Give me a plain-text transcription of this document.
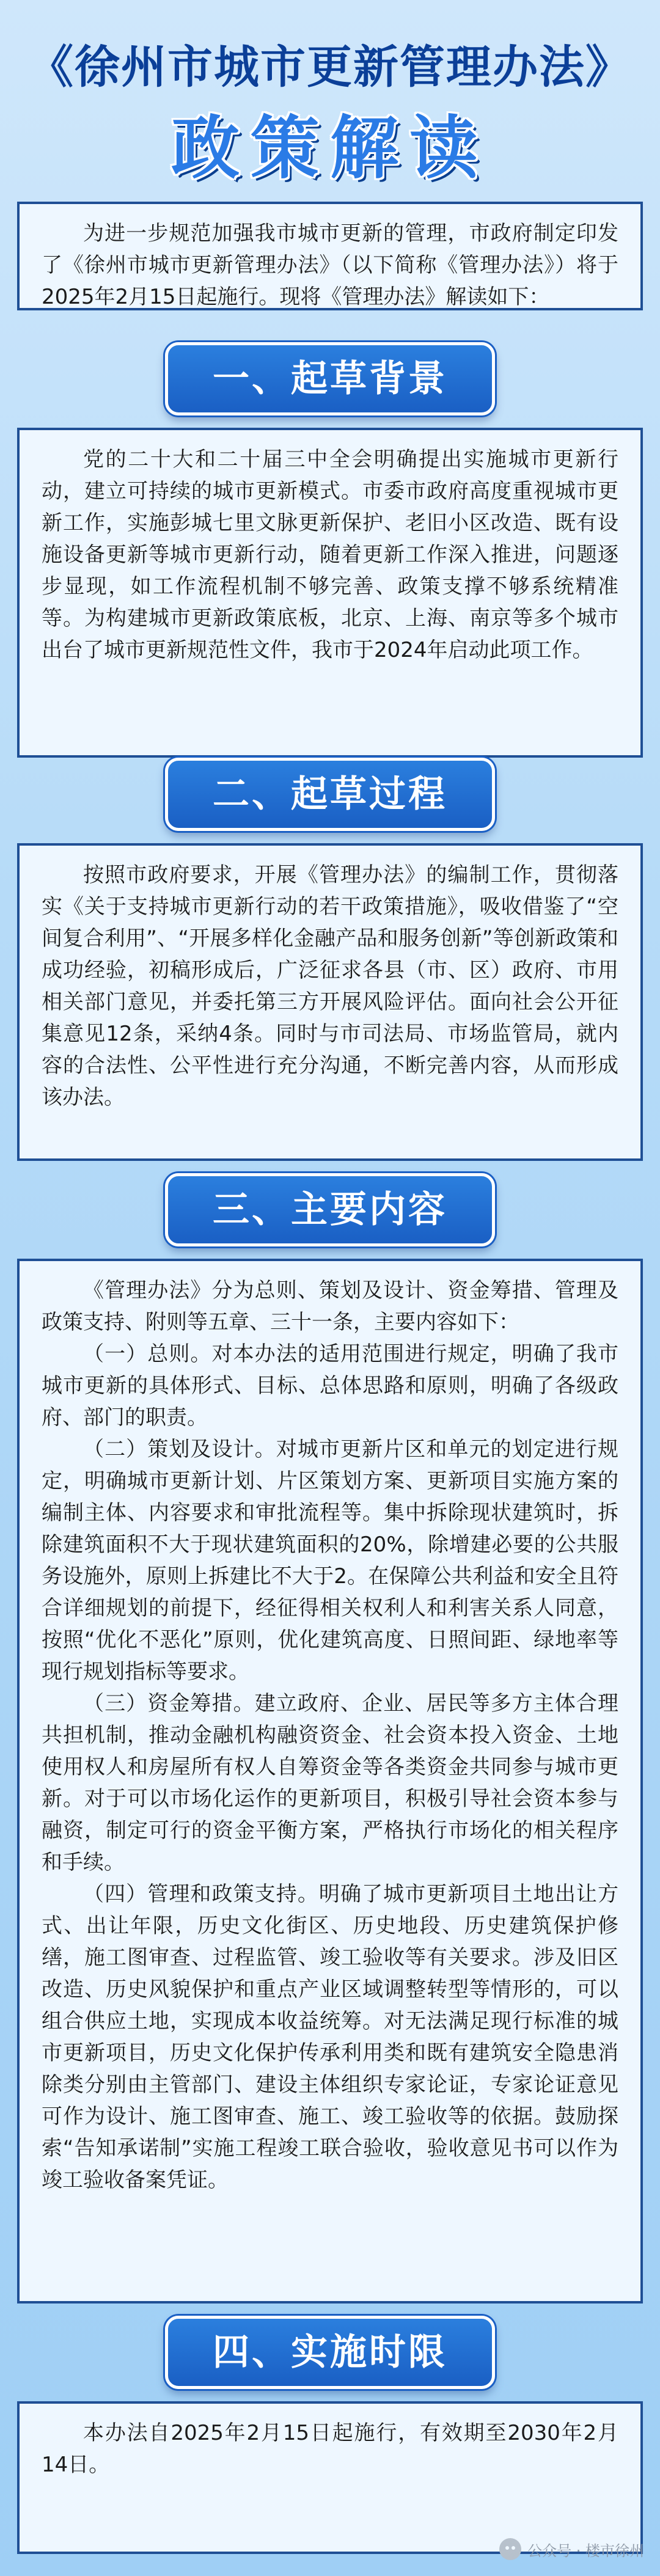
《徐州市城市更新管理办法》
政策解读

为进一步规范加强我市城市更新的管理，市政府制定印发了《徐州市城市更新管理办法》（以下简称《管理办法》）将于2025年2月15日起施行。现将《管理办法》解读如下：

一、起草背景

党的二十大和二十届三中全会明确提出实施城市更新行动，建立可持续的城市更新模式。市委市政府高度重视城市更新工作，实施彭城七里文脉更新保护、老旧小区改造、既有设施设备更新等城市更新行动，随着更新工作深入推进，问题逐步显现，如工作流程机制不够完善、政策支撑不够系统精准等。为构建城市更新政策底板，北京、上海、南京等多个城市出台了城市更新规范性文件，我市于2024年启动此项工作。

二、起草过程

按照市政府要求，开展《管理办法》的编制工作，贯彻落实《关于支持城市更新行动的若干政策措施》，吸收借鉴了“空间复合利用”、“开展多样化金融产品和服务创新”等创新政策和成功经验，初稿形成后，广泛征求各县（市、区）政府、市用相关部门意见，并委托第三方开展风险评估。面向社会公开征集意见12条，采纳4条。同时与市司法局、市场监管局，就内容的合法性、公平性进行充分沟通，不断完善内容，从而形成该办法。

三、主要内容

《管理办法》分为总则、策划及设计、资金筹措、管理及政策支持、附则等五章、三十一条，主要内容如下：

（一）总则。对本办法的适用范围进行规定，明确了我市城市更新的具体形式、目标、总体思路和原则，明确了各级政府、部门的职责。

（二）策划及设计。对城市更新片区和单元的划定进行规定，明确城市更新计划、片区策划方案、更新项目实施方案的编制主体、内容要求和审批流程等。集中拆除现状建筑时，拆除建筑面积不大于现状建筑面积的20%，除增建必要的公共服务设施外，原则上拆建比不大于2。在保障公共利益和安全且符合详细规划的前提下，经征得相关权利人和利害关系人同意，按照“优化不恶化”原则，优化建筑高度、日照间距、绿地率等现行规划指标等要求。

（三）资金筹措。建立政府、企业、居民等多方主体合理共担机制，推动金融机构融资资金、社会资本投入资金、土地使用权人和房屋所有权人自筹资金等各类资金共同参与城市更新。对于可以市场化运作的更新项目，积极引导社会资本参与融资，制定可行的资金平衡方案，严格执行市场化的相关程序和手续。

（四）管理和政策支持。明确了城市更新项目土地出让方式、出让年限，历史文化街区、历史地段、历史建筑保护修缮，施工图审查、过程监管、竣工验收等有关要求。涉及旧区改造、历史风貌保护和重点产业区域调整转型等情形的，可以组合供应土地，实现成本收益统筹。对无法满足现行标准的城市更新项目，历史文化保护传承利用类和既有建筑安全隐患消除类分别由主管部门、建设主体组织专家论证，专家论证意见可作为设计、施工图审查、施工、竣工验收等的依据。鼓励探索“告知承诺制”实施工程竣工联合验收，验收意见书可以作为竣工验收备案凭证。

四、实施时限

本办法自2025年2月15日起施行，有效期至2030年2月14日。

公众号 · 楼市徐州
